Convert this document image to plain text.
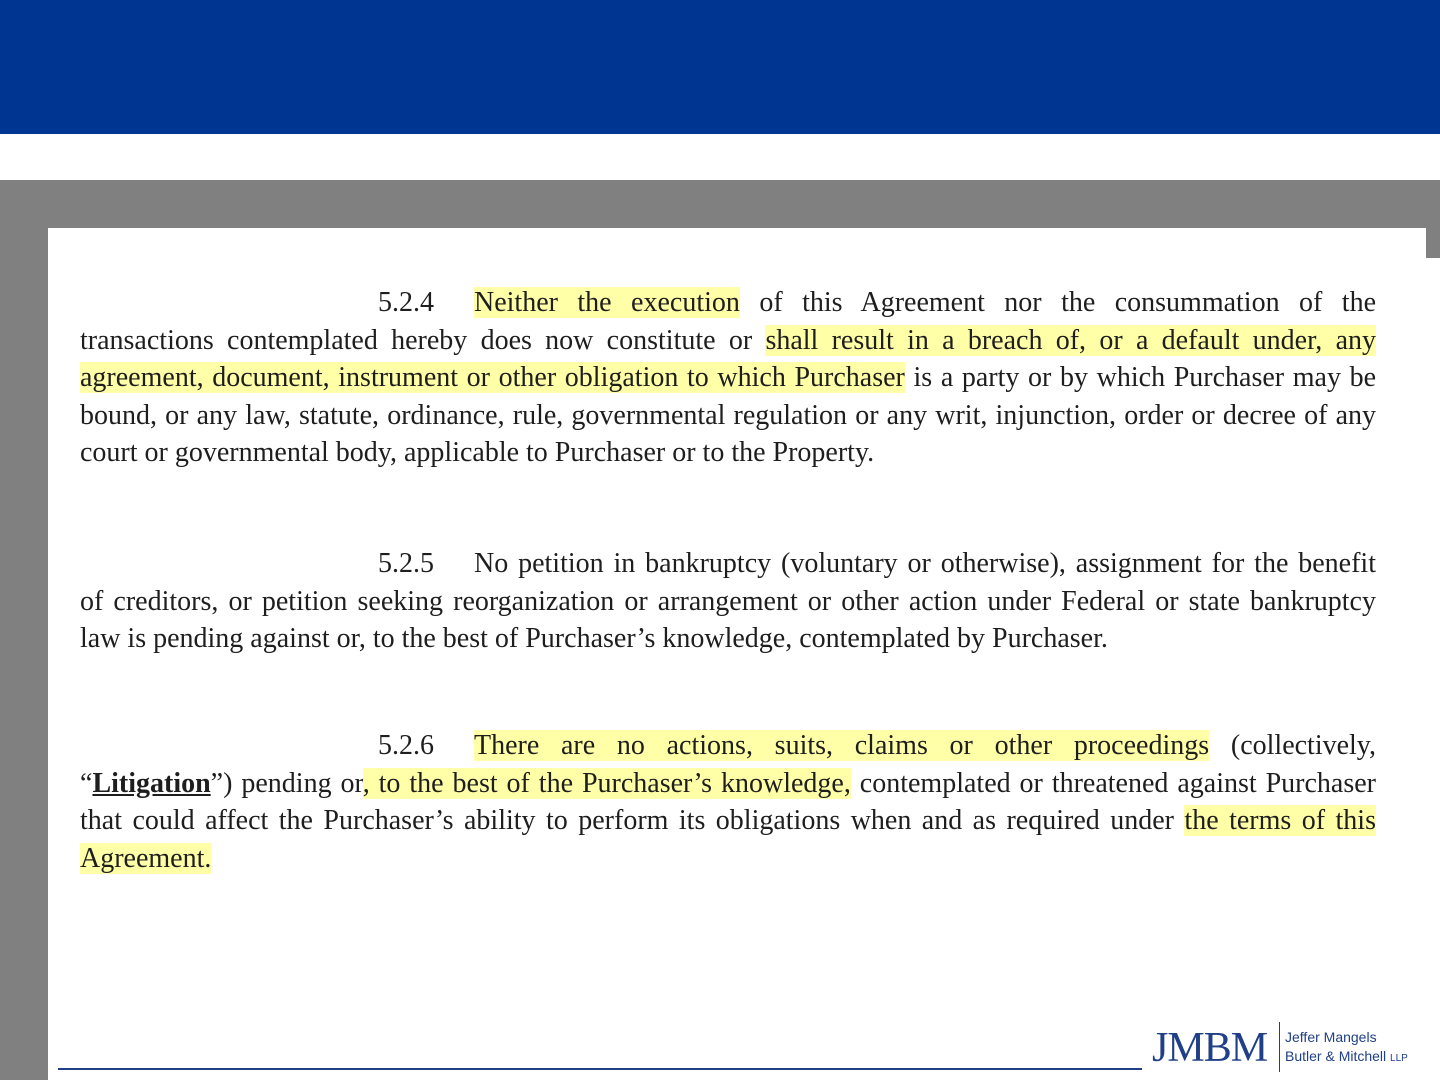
5.2.4 Neither the execution of this Agreement nor the consummation of the transactions contemplated hereby does now constitute or shall result in a breach of, or a default under, any agreement, document, instrument or other obligation to which Purchaser is a party or by which Purchaser may be bound, or any law, statute, ordinance, rule, governmental regulation or any writ, injunction, order or decree of any court or governmental body, applicable to Purchaser or to the Property.

5.2.5 No petition in bankruptcy (voluntary or otherwise), assignment for the benefit of creditors, or petition seeking reorganization or arrangement or other action under Federal or state bankruptcy law is pending against or, to the best of Purchaser’s knowledge, contemplated by Purchaser.

5.2.6 There are no actions, suits, claims or other proceedings (collectively, “Litigation”) pending or, to the best of the Purchaser’s knowledge, contemplated or threatened against Purchaser that could affect the Purchaser’s ability to perform its obligations when and as required under the terms of this Agreement.

JMBM Jeffer Mangels
Butler & Mitchell LLP
